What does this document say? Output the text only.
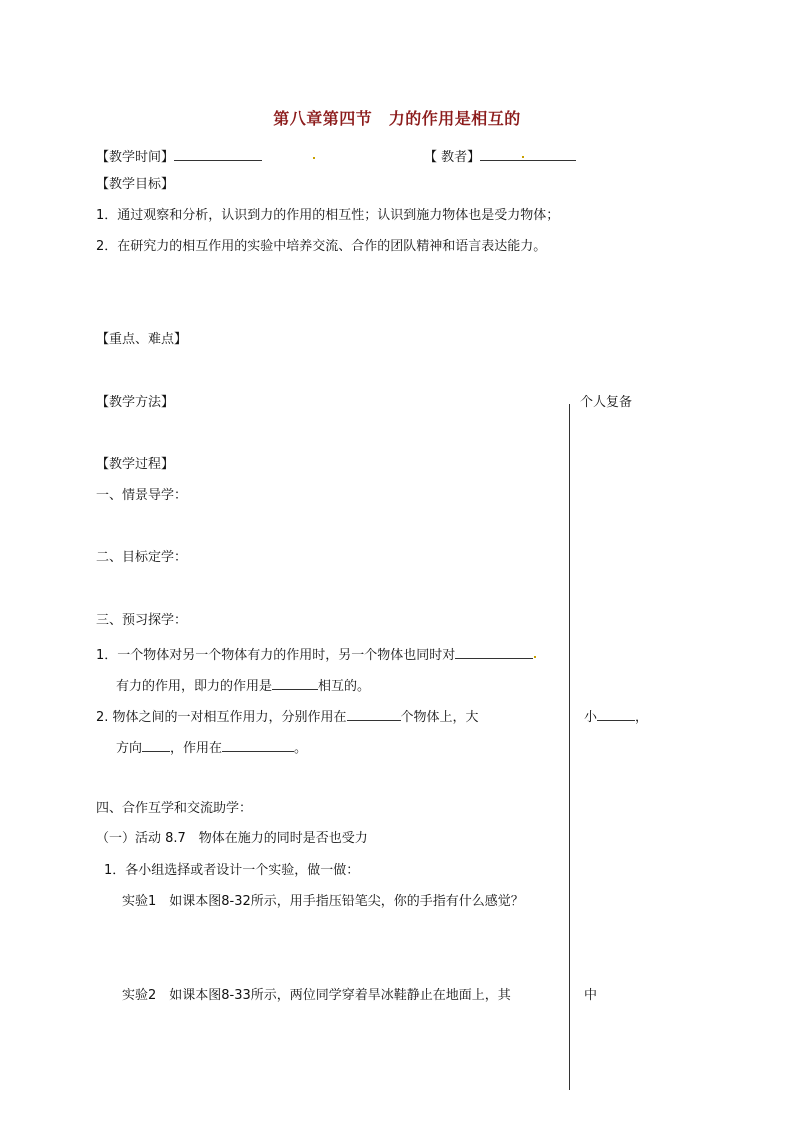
第八章第四节　力的作用是相互的
【教学时间】	【 教者】
【教学目标】
1．通过观察和分析，认识到力的作用的相互性；认识到施力物体也是受力物体；
2．在研究力的相互作用的实验中培养交流、合作的团队精神和语言表达能力。
【重点、难点】
【教学方法】	个人复备
【教学过程】
一、情景导学：
二、目标定学：
三、预习探学：
1．一个物体对另一个物体有力的作用时，另一个物体也同时对
有力的作用，即力的作用是	相互的。
2. 物体之间的一对相互作用力，分别作用在	个物体上，大	小	，
方向 ，作用在	。
四、合作互学和交流助学：
（一）活动 8.7　物体在施力的同时是否也受力
1．各小组选择或者设计一个实验，做一做：
实验1　如课本图8-32所示，用手指压铅笔尖，你的手指有什么感觉？
实验2　如课本图8-33所示，两位同学穿着旱冰鞋静止在地面上，其	中
